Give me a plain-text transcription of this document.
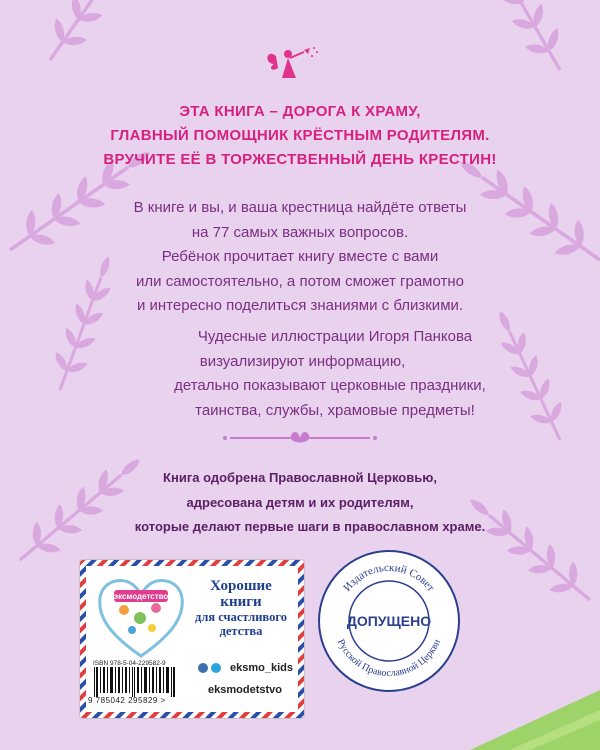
ЭТА КНИГА – ДОРОГА К ХРАМУ,
ГЛАВНЫЙ ПОМОЩНИК КРЁСТНЫМ РОДИТЕЛЯМ.
ВРУЧИТЕ ЕЁ В ТОРЖЕСТВЕННЫЙ ДЕНЬ КРЕСТИН!
В книге и вы, и ваша крестница найдёте ответы
на 77 самых важных вопросов.
Ребёнок прочитает книгу вместе с вами
или самостоятельно, а потом сможет грамотно
и интересно поделиться знаниями с близкими.
Чудесные иллюстрации Игоря Панкова
визуализируют информацию,
детально показывают церковные праздники,
таинства, службы, храмовые предметы!
Книга одобрена Православной Церковью,
адресована детям и их родителям,
которые делают первые шаги в православном храме.
эксмодетство
Хорошие
книги
для счастливого
детства
ISBN 978-5-04-229582-9
9 785042 295829 >
eksmo_kids
eksmodetstvo
Издательский Совет
Русской Православной Церкви
ДОПУЩЕНО
